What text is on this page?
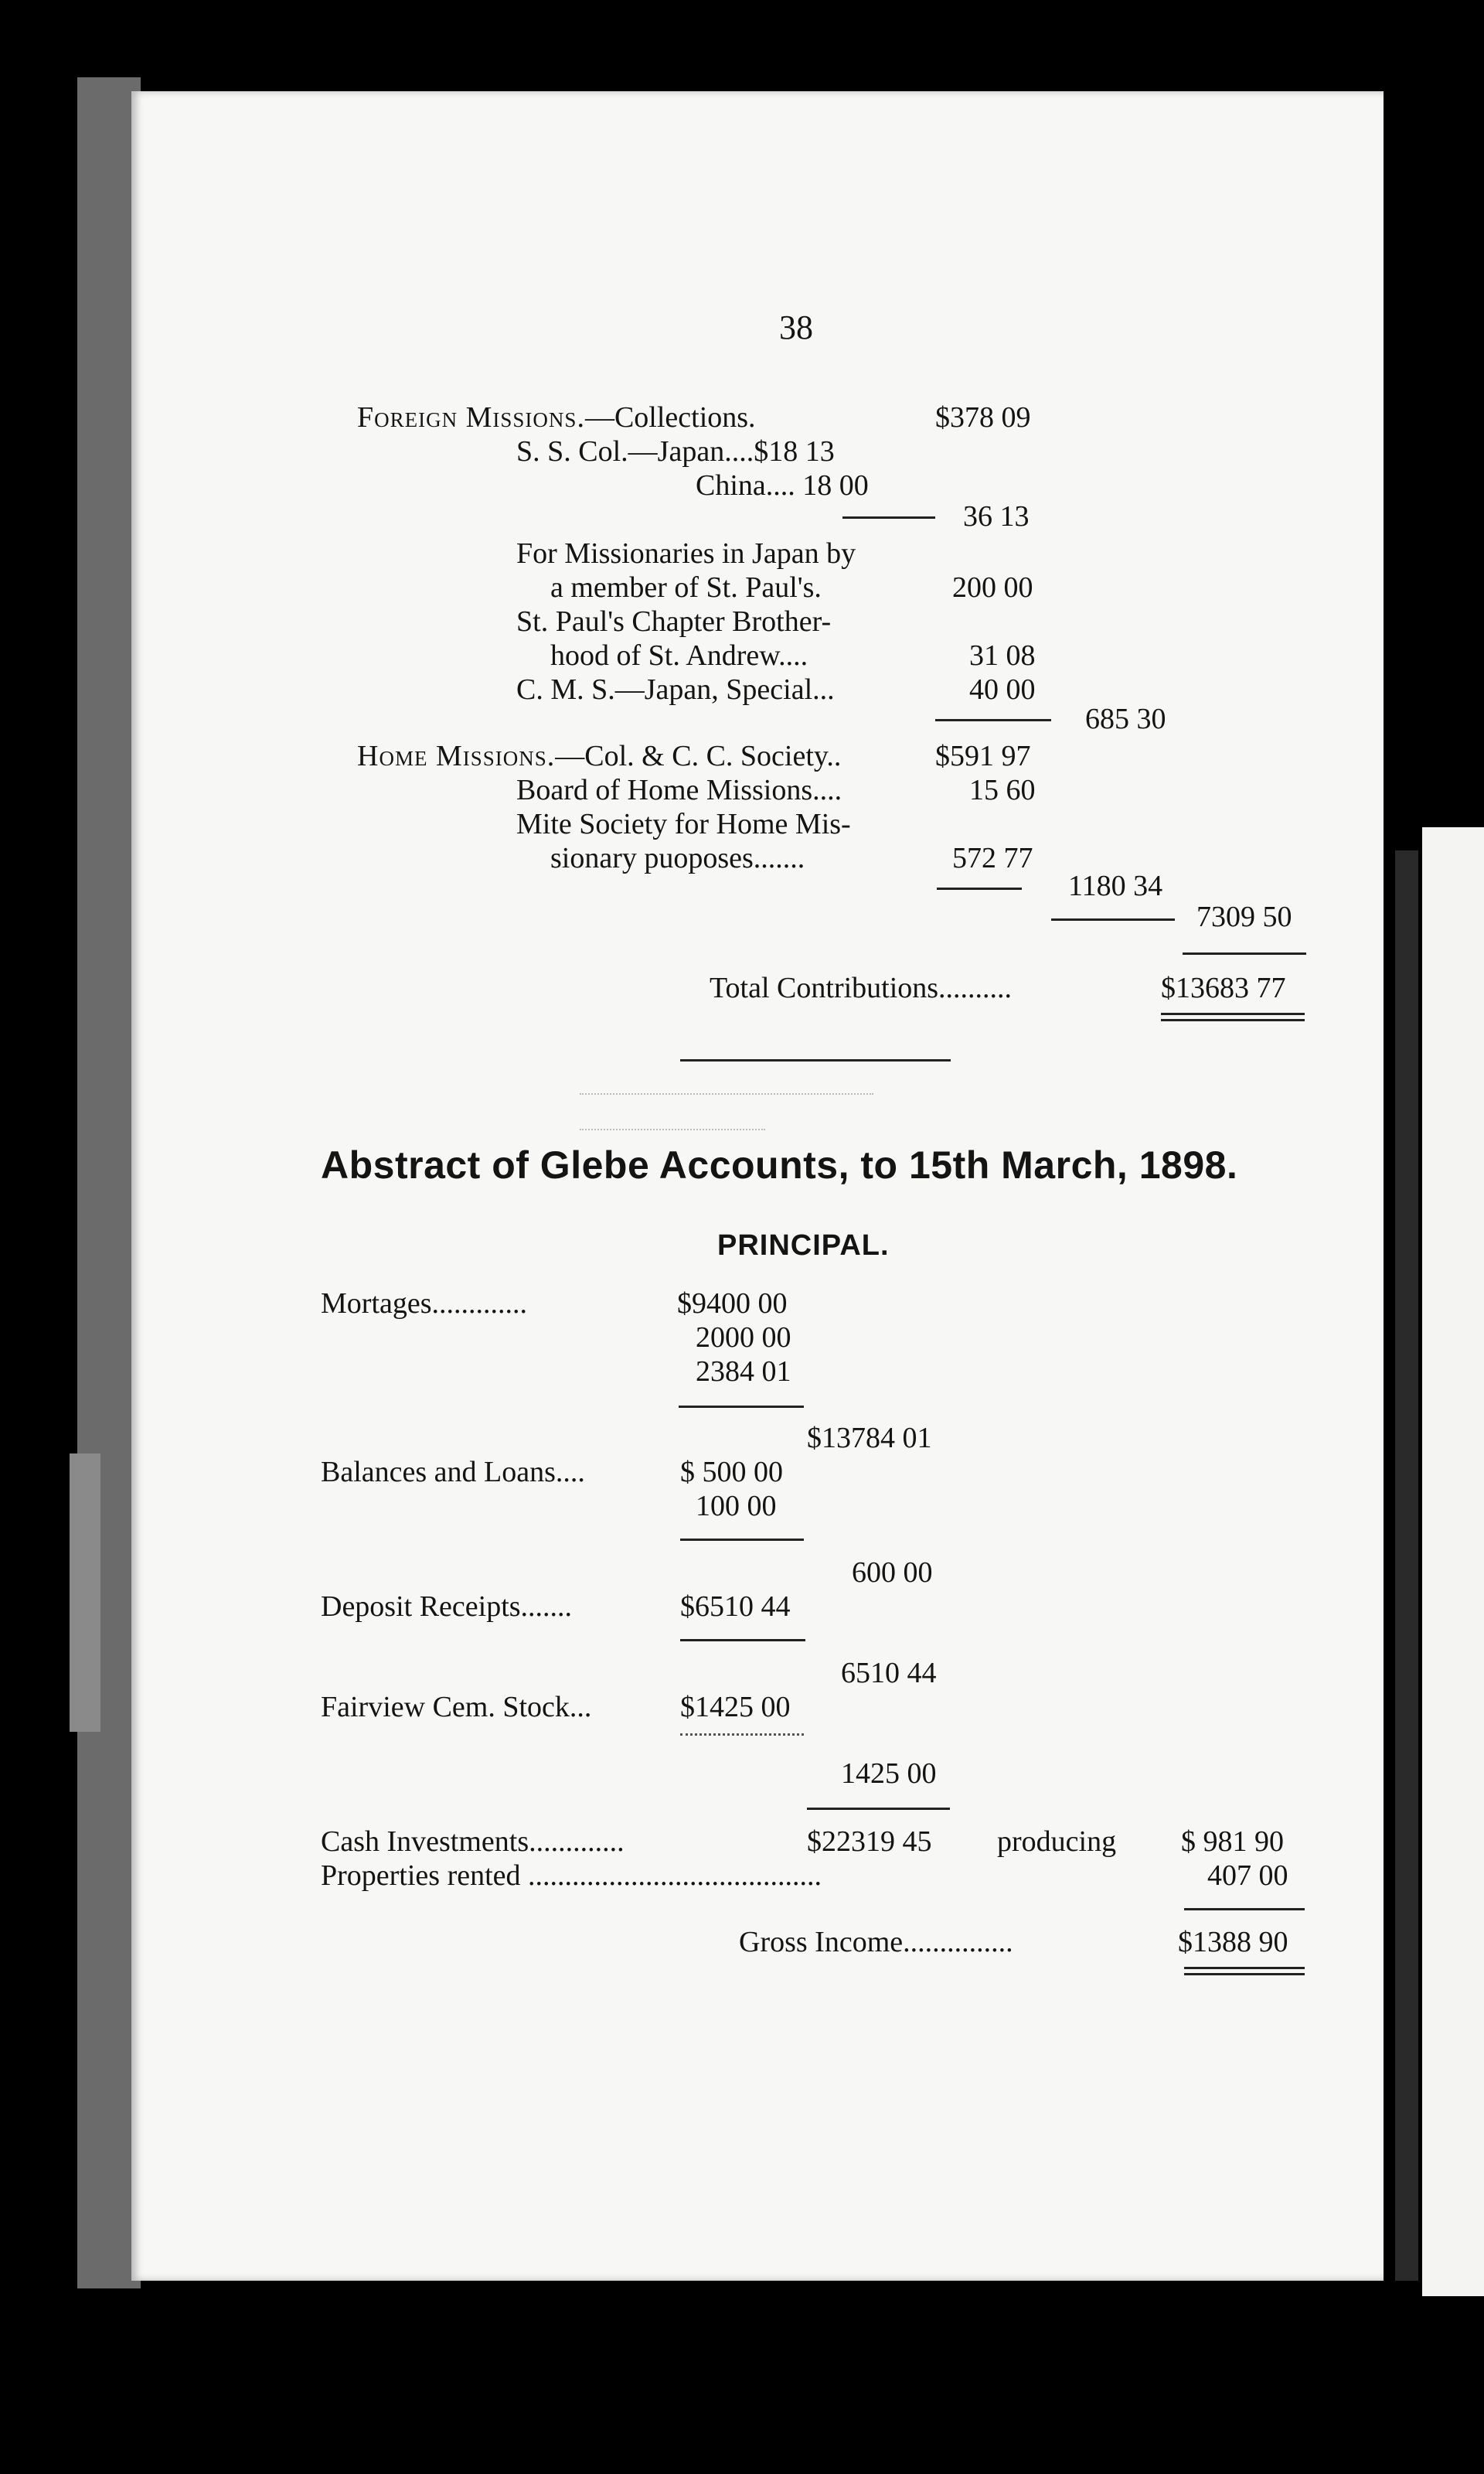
38
Foreign Missions.—Collections.	$378 09
S. S. Col.—Japan....$18 13
China.... 18 00
36 13
For Missionaries in Japan by
a member of St. Paul's.	200 00
St. Paul's Chapter Brother-
hood of St. Andrew....	31 08
C. M. S.—Japan, Special...	40 00
685 30
Home Missions.—Col. & C. C. Society..	$591 97
Board of Home Missions....	15 60
Mite Society for Home Mis-
sionary puoposes.......	572 77
1180 34
7309 50
Total Contributions..........	$13683 77
Abstract of Glebe Accounts, to 15th March, 1898.
PRINCIPAL.
Mortages.............	$9400 00
2000 00
2384 01
$13784 01
Balances and Loans....	$ 500 00
100 00
600 00
Deposit Receipts.......	$6510 44
6510 44
Fairview Cem. Stock...	$1425 00
1425 00
Cash Investments.............	$22319 45 producing $ 981 90
Properties rented ........................................	407 00
Gross Income...............	$1388 90
